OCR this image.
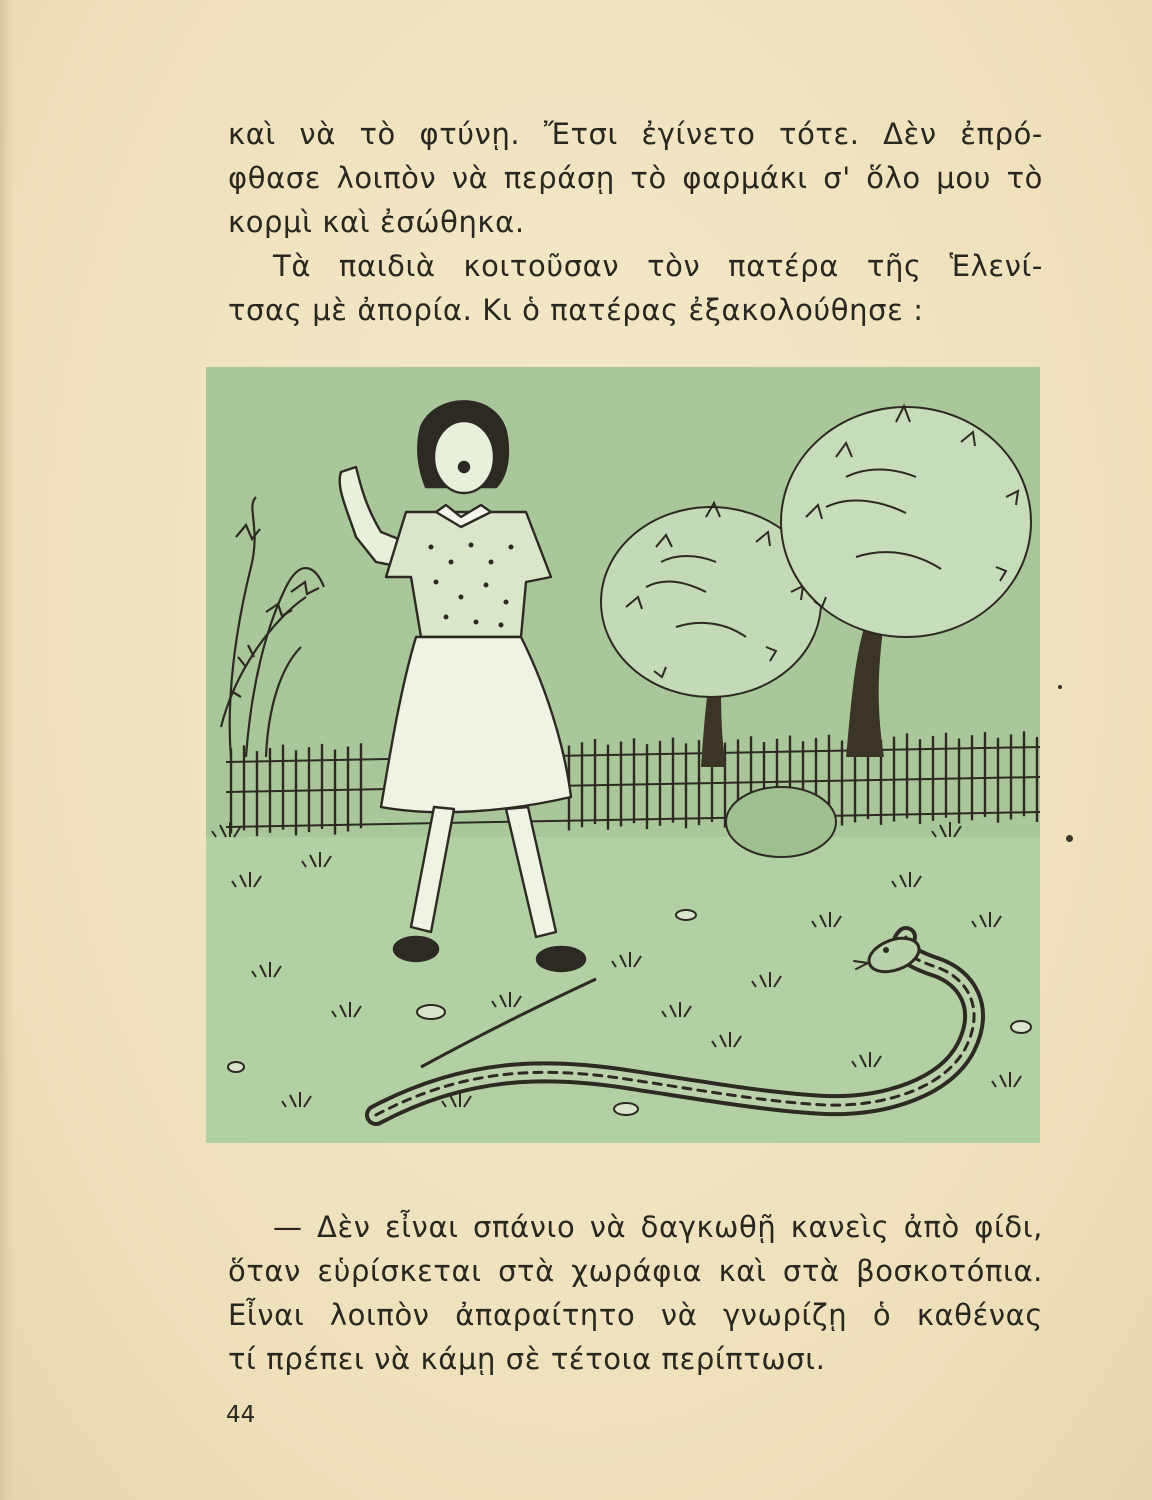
καὶ νὰ τὸ φτύνῃ. Ἔτσι ἐγίνετο τότε. Δὲν ἐπρό-
φθασε λοιπὸν νὰ περάσῃ τὸ φαρμάκι σ' ὅλο μου τὸ
κορμὶ καὶ ἐσώθηκα.
Τὰ παιδιὰ κοιτοῦσαν τὸν πατέρα τῆς Ἑλενί-
τσας μὲ ἀπορία. Κι ὁ πατέρας ἐξακολούθησε :
— Δὲν εἶναι σπάνιο νὰ δαγκωθῇ κανεὶς ἀπὸ φίδι,
ὅταν εὑρίσκεται στὰ χωράφια καὶ στὰ βοσκοτόπια.
Εἶναι λοιπὸν ἀπαραίτητο νὰ γνωρίζῃ ὁ καθένας
τί πρέπει νὰ κάμῃ σὲ τέτοια περίπτωσι.
44
